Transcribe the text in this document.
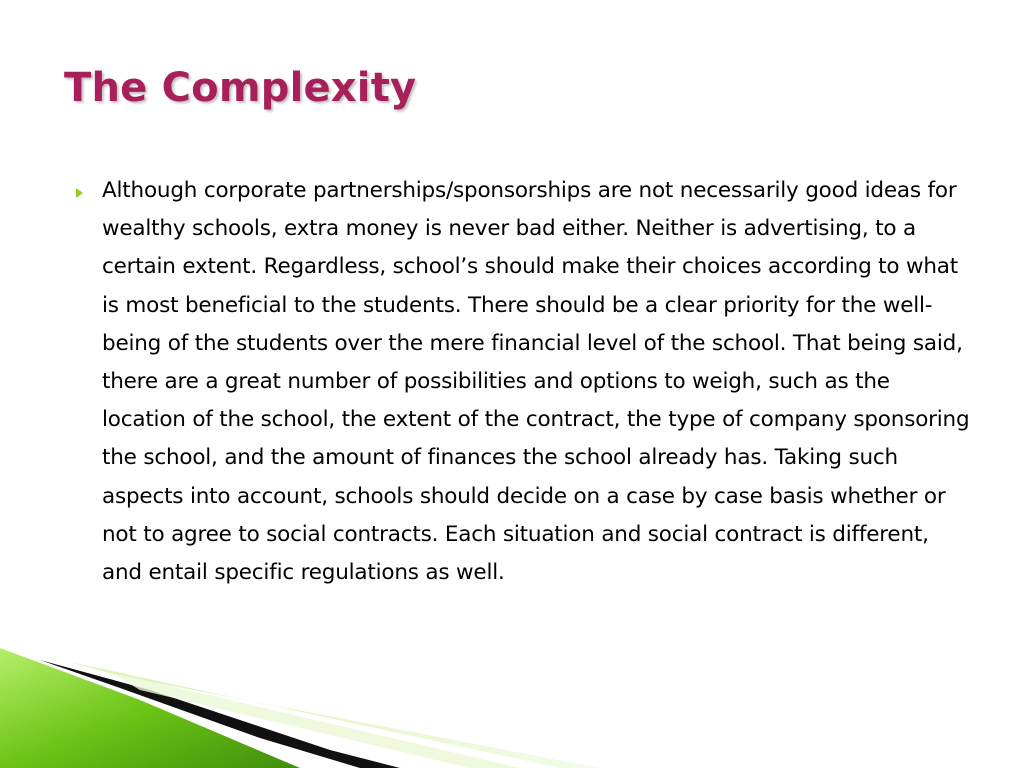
The Complexity
Although corporate partnerships/sponsorships are not necessarily good ideas for wealthy schools, extra money is never bad either. Neither is advertising, to a certain extent. Regardless, school’s should make their choices according to what is most beneficial to the students. There should be a clear priority for the well-being of the students over the mere financial level of the school. That being said, there are a great number of possibilities and options to weigh, such as the location of the school, the extent of the contract, the type of company sponsoring the school, and the amount of finances the school already has. Taking such aspects into account, schools should decide on a case by case basis whether or not to agree to social contracts. Each situation and social contract is different, and entail specific regulations as well.
